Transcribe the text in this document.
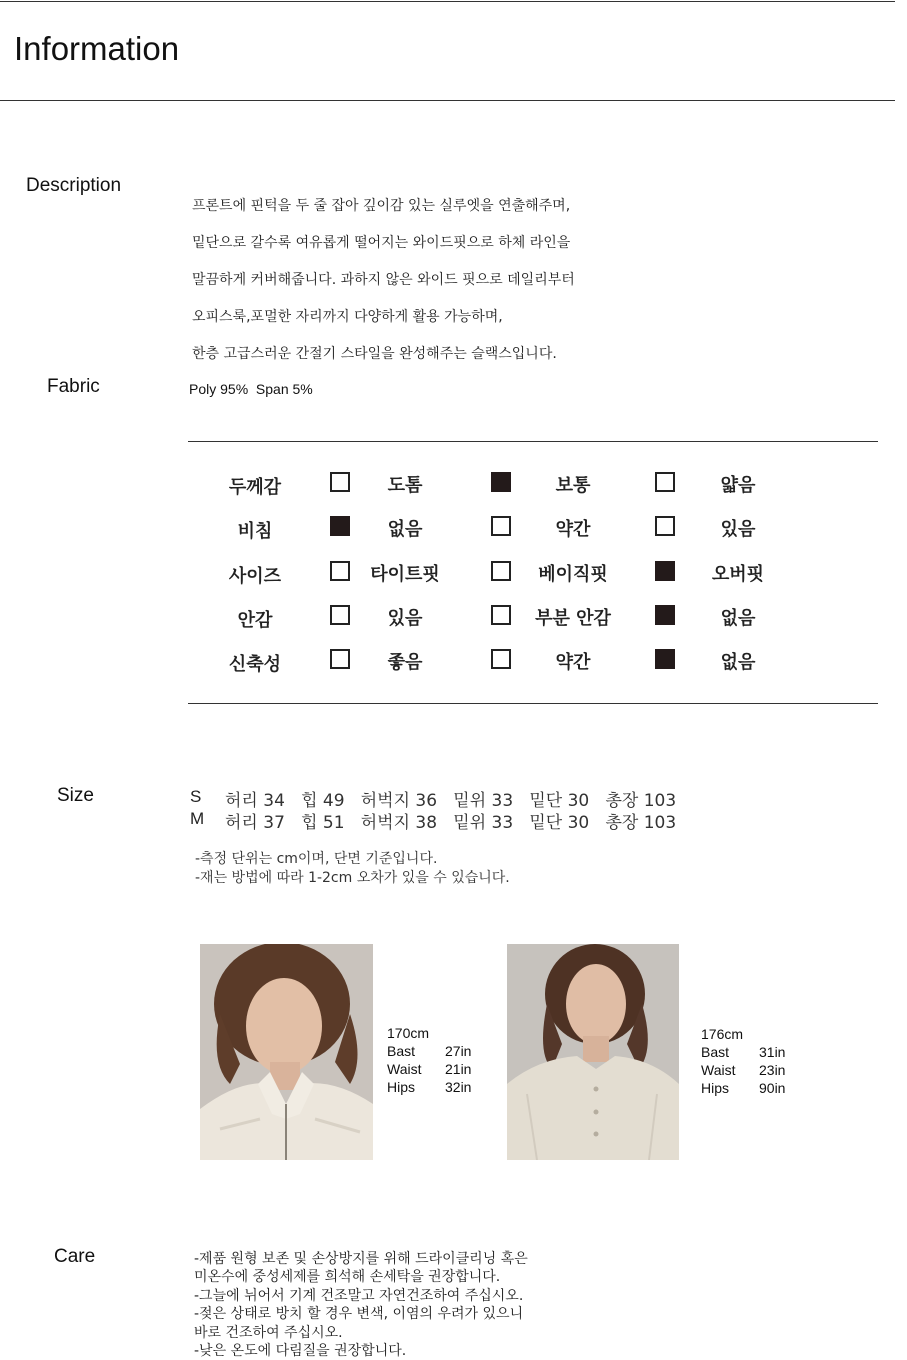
Information
Description

프론트에 핀턱을 두 줄 잡아 깊이감 있는 실루엣을 연출해주며,

밑단으로 갈수록 여유롭게 떨어지는 와이드핏으로 하체 라인을

말끔하게 커버해줍니다. 과하지 않은 와이드 핏으로 데일리부터

오피스룩,포멀한 자리까지 다양하게 활용 가능하며,

한층 고급스러운 간절기 스타일을 완성해주는 슬랙스입니다.

Fabric	Poly 95%  Span 5%
두께감	도톰	보통	얇음
비침	없음	약간	있음
사이즈	타이트핏	베이직핏	오버핏
안감	있음	부분 안감	없음
신축성	좋음	약간	없음
Size	S 허리 34   힙 49   허벅지 36   밑위 33   밑단 30   총장 103
M 허리 37   힙 51   허벅지 38   밑위 33   밑단 30   총장 103
-측정 단위는 cm이며, 단면 기준입니다.
-재는 방법에 따라 1-2cm 오차가 있을 수 있습니다.
170cm
Bast 27in
Waist 21in
Hips 32in
176cm
Bast 31in
Waist 23in
Hips 90in
Care	-제품 원형 보존 및 손상방지를 위해 드라이클리닝 혹은
미온수에 중성세제를 희석해 손세탁을 권장합니다.
-그늘에 뉘어서 기계 건조말고 자연건조하여 주십시오.
-젖은 상태로 방치 할 경우 변색, 이염의 우려가 있으니
바로 건조하여 주십시오.
-낮은 온도에 다림질을 권장합니다.
